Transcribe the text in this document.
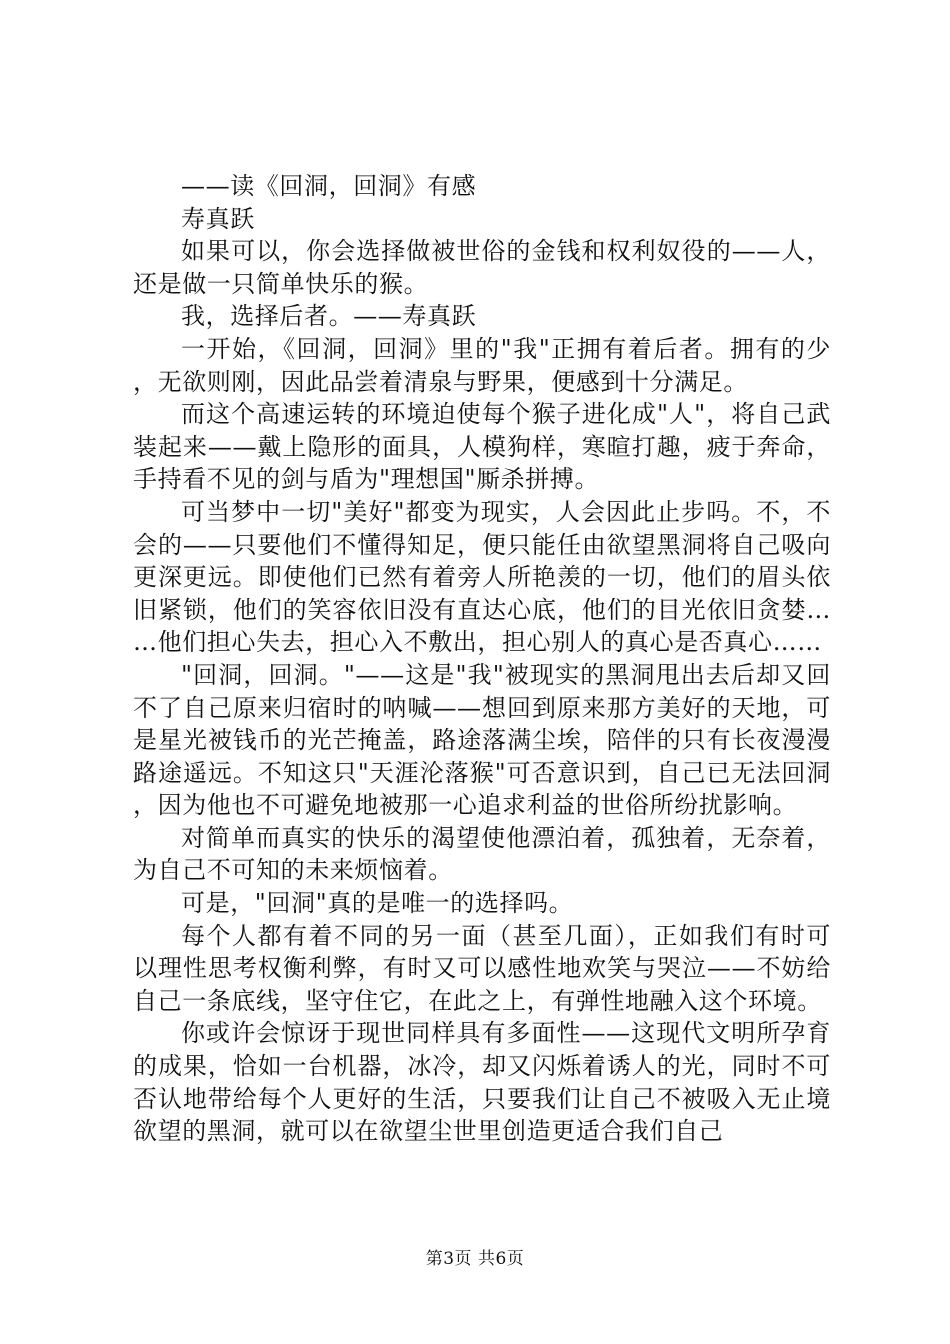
——读《回洞，回洞》有感

寿真跃

如果可以，你会选择做被世俗的金钱和权利奴役的——人，还是做一只简单快乐的猴。

我，选择后者。——寿真跃

一开始，《回洞，回洞》里的"我"正拥有着后者。拥有的少，无欲则刚，因此品尝着清泉与野果，便感到十分满足。

而这个高速运转的环境迫使每个猴子进化成"人"，将自己武装起来——戴上隐形的面具，人模狗样，寒暄打趣，疲于奔命，手持看不见的剑与盾为"理想国"厮杀拼搏。

可当梦中一切"美好"都变为现实，人会因此止步吗。不，不会的——只要他们不懂得知足，便只能任由欲望黑洞将自己吸向更深更远。即使他们已然有着旁人所艳羡的一切，他们的眉头依旧紧锁，他们的笑容依旧没有直达心底，他们的目光依旧贪婪……他们担心失去，担心入不敷出，担心别人的真心是否真心……

"回洞，回洞。"——这是"我"被现实的黑洞甩出去后却又回不了自己原来归宿时的呐喊——想回到原来那方美好的天地，可是星光被钱币的光芒掩盖，路途落满尘埃，陪伴的只有长夜漫漫路途遥远。不知这只"天涯沦落猴"可否意识到，自己已无法回洞，因为他也不可避免地被那一心追求利益的世俗所纷扰影响。

对简单而真实的快乐的渴望使他漂泊着，孤独着，无奈着，为自己不可知的未来烦恼着。

可是，"回洞"真的是唯一的选择吗。

每个人都有着不同的另一面（甚至几面），正如我们有时可以理性思考权衡利弊，有时又可以感性地欢笑与哭泣——不妨给自己一条底线，坚守住它，在此之上，有弹性地融入这个环境。

你或许会惊讶于现世同样具有多面性——这现代文明所孕育的成果，恰如一台机器，冰冷，却又闪烁着诱人的光，同时不可否认地带给每个人更好的生活，只要我们让自己不被吸入无止境欲望的黑洞，就可以在欲望尘世里创造更适合我们自己

第3页 共6页
